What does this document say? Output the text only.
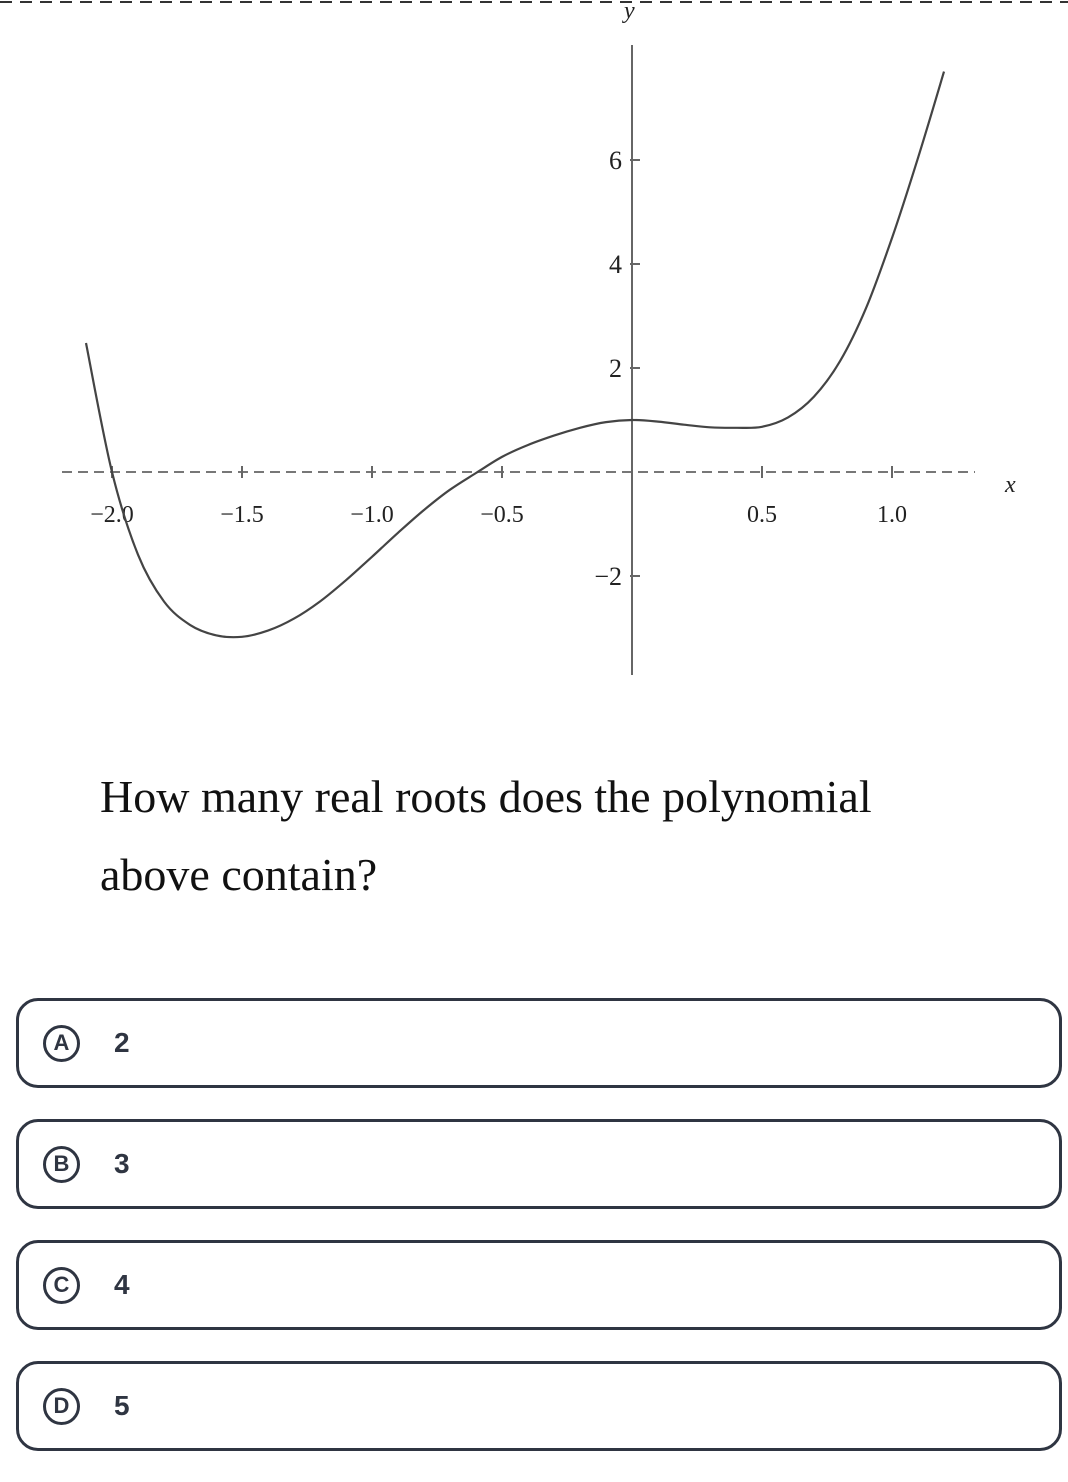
−2.0	−1.5	−1.0	−0.5	0.5	1.0
6
4
2
−2
x
y
How many real roots does the polynomial
above contain?
A	2
B	3
C	4
D	5
